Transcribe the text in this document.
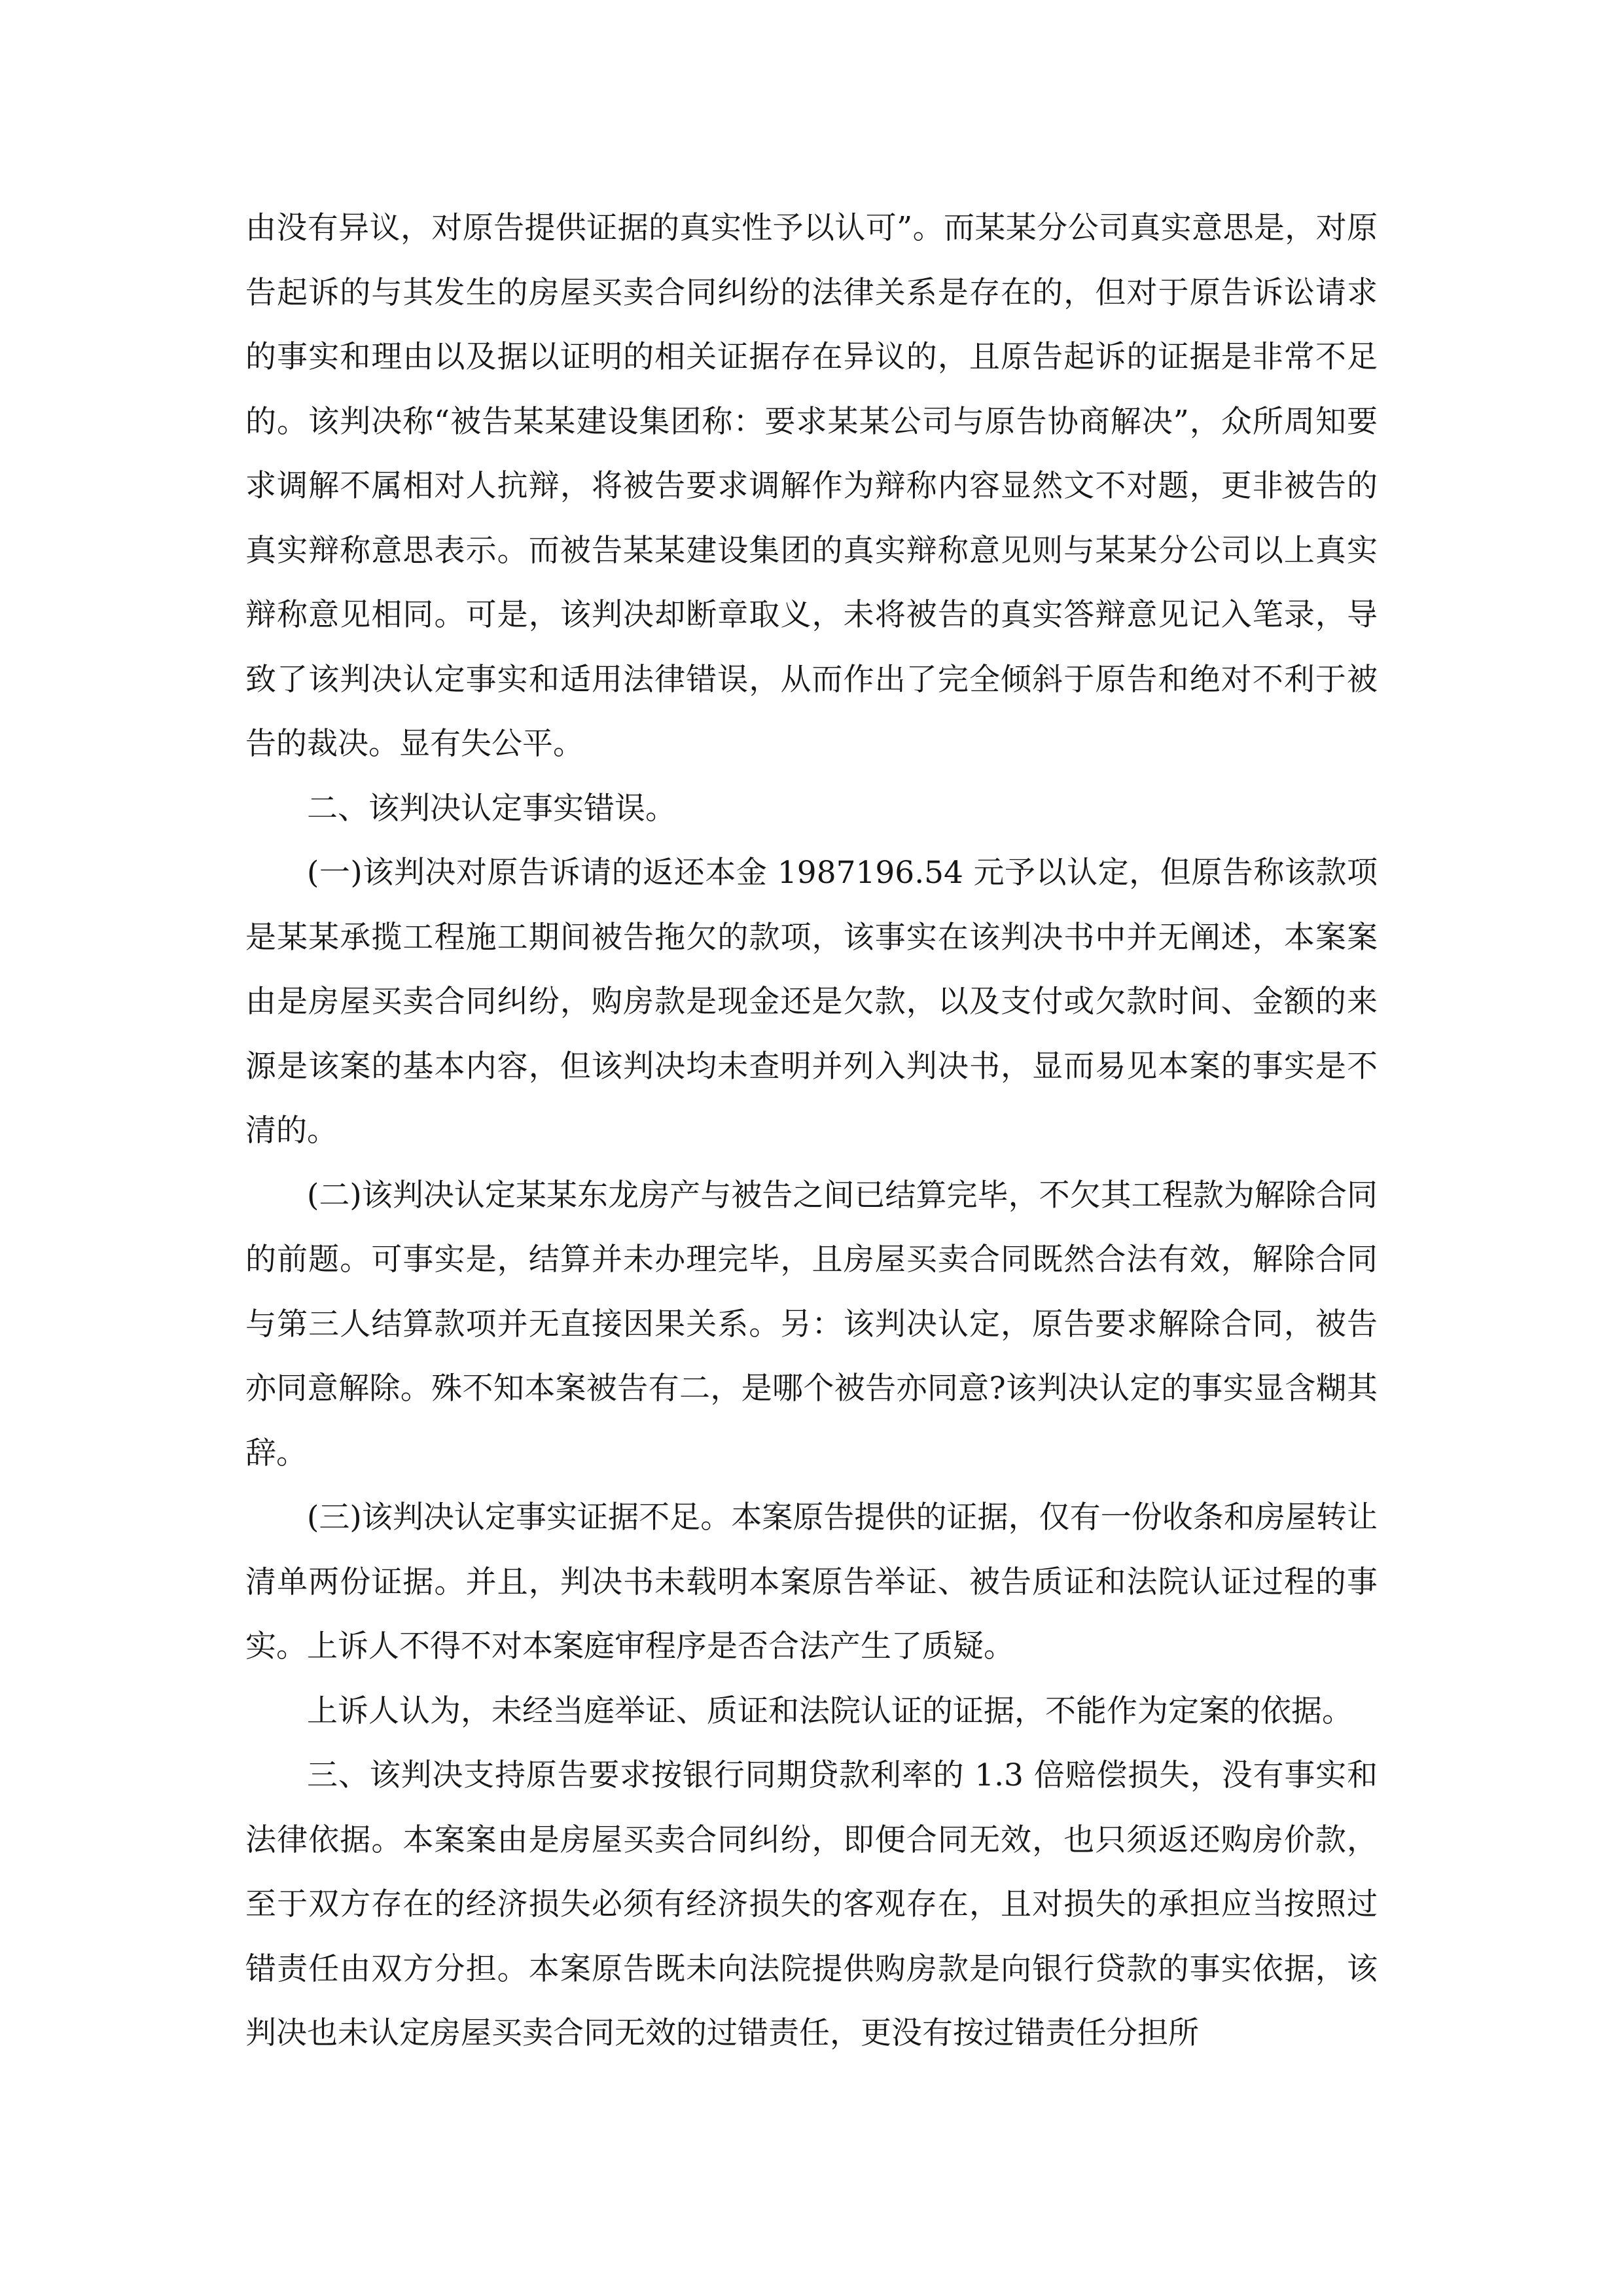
由没有异议，对原告提供证据的真实性予以认可”。而某某分公司真实意思是，对原告起诉的与其发生的房屋买卖合同纠纷的法律关系是存在的，但对于原告诉讼请求的事实和理由以及据以证明的相关证据存在异议的，且原告起诉的证据是非常不足的。该判决称“被告某某建设集团称：要求某某公司与原告协商解决”，众所周知要求调解不属相对人抗辩，将被告要求调解作为辩称内容显然文不对题，更非被告的真实辩称意思表示。而被告某某建设集团的真实辩称意见则与某某分公司以上真实辩称意见相同。可是，该判决却断章取义，未将被告的真实答辩意见记入笔录，导致了该判决认定事实和适用法律错误，从而作出了完全倾斜于原告和绝对不利于被告的裁决。显有失公平。

二、该判决认定事实错误。

(一)该判决对原告诉请的返还本金 1987196.54 元予以认定，但原告称该款项是某某承揽工程施工期间被告拖欠的款项，该事实在该判决书中并无阐述，本案案由是房屋买卖合同纠纷，购房款是现金还是欠款，以及支付或欠款时间、金额的来源是该案的基本内容，但该判决均未查明并列入判决书，显而易见本案的事实是不清的。

(二)该判决认定某某东龙房产与被告之间已结算完毕，不欠其工程款为解除合同的前题。可事实是，结算并未办理完毕，且房屋买卖合同既然合法有效，解除合同与第三人结算款项并无直接因果关系。另：该判决认定，原告要求解除合同，被告亦同意解除。殊不知本案被告有二，是哪个被告亦同意?该判决认定的事实显含糊其辞。

(三)该判决认定事实证据不足。本案原告提供的证据，仅有一份收条和房屋转让清单两份证据。并且，判决书未载明本案原告举证、被告质证和法院认证过程的事实。上诉人不得不对本案庭审程序是否合法产生了质疑。

上诉人认为，未经当庭举证、质证和法院认证的证据，不能作为定案的依据。

三、该判决支持原告要求按银行同期贷款利率的 1.3 倍赔偿损失，没有事实和法律依据。本案案由是房屋买卖合同纠纷，即便合同无效，也只须返还购房价款，至于双方存在的经济损失必须有经济损失的客观存在，且对损失的承担应当按照过错责任由双方分担。本案原告既未向法院提供购房款是向银行贷款的事实依据，该判决也未认定房屋买卖合同无效的过错责任，更没有按过错责任分担所
